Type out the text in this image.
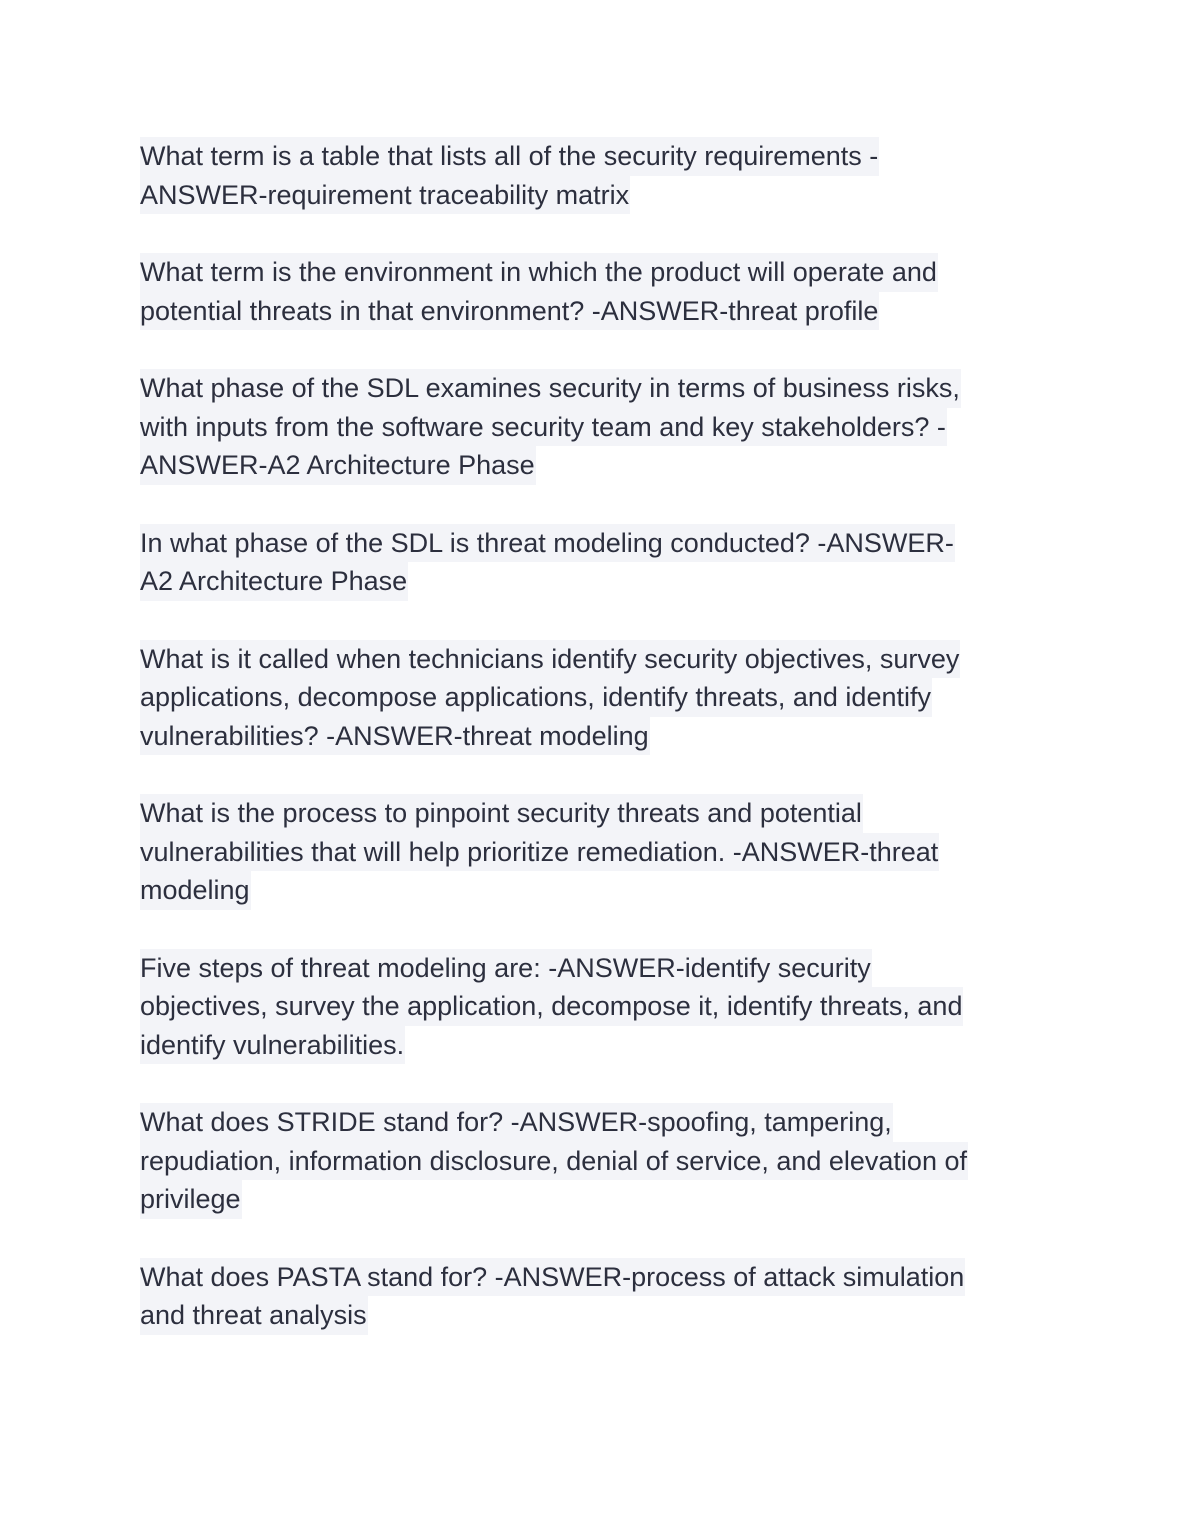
What term is a table that lists all of the security requirements -
ANSWER-requirement traceability matrix
What term is the environment in which the product will operate and
potential threats in that environment? -ANSWER-threat profile
What phase of the SDL examines security in terms of business risks,
with inputs from the software security team and key stakeholders? -
ANSWER-A2 Architecture Phase
In what phase of the SDL is threat modeling conducted? -ANSWER-
A2 Architecture Phase
What is it called when technicians identify security objectives, survey
applications, decompose applications, identify threats, and identify
vulnerabilities? -ANSWER-threat modeling
What is the process to pinpoint security threats and potential
vulnerabilities that will help prioritize remediation. -ANSWER-threat
modeling
Five steps of threat modeling are: -ANSWER-identify security
objectives, survey the application, decompose it, identify threats, and
identify vulnerabilities.
What does STRIDE stand for? -ANSWER-spoofing, tampering,
repudiation, information disclosure, denial of service, and elevation of
privilege
What does PASTA stand for? -ANSWER-process of attack simulation
and threat analysis
